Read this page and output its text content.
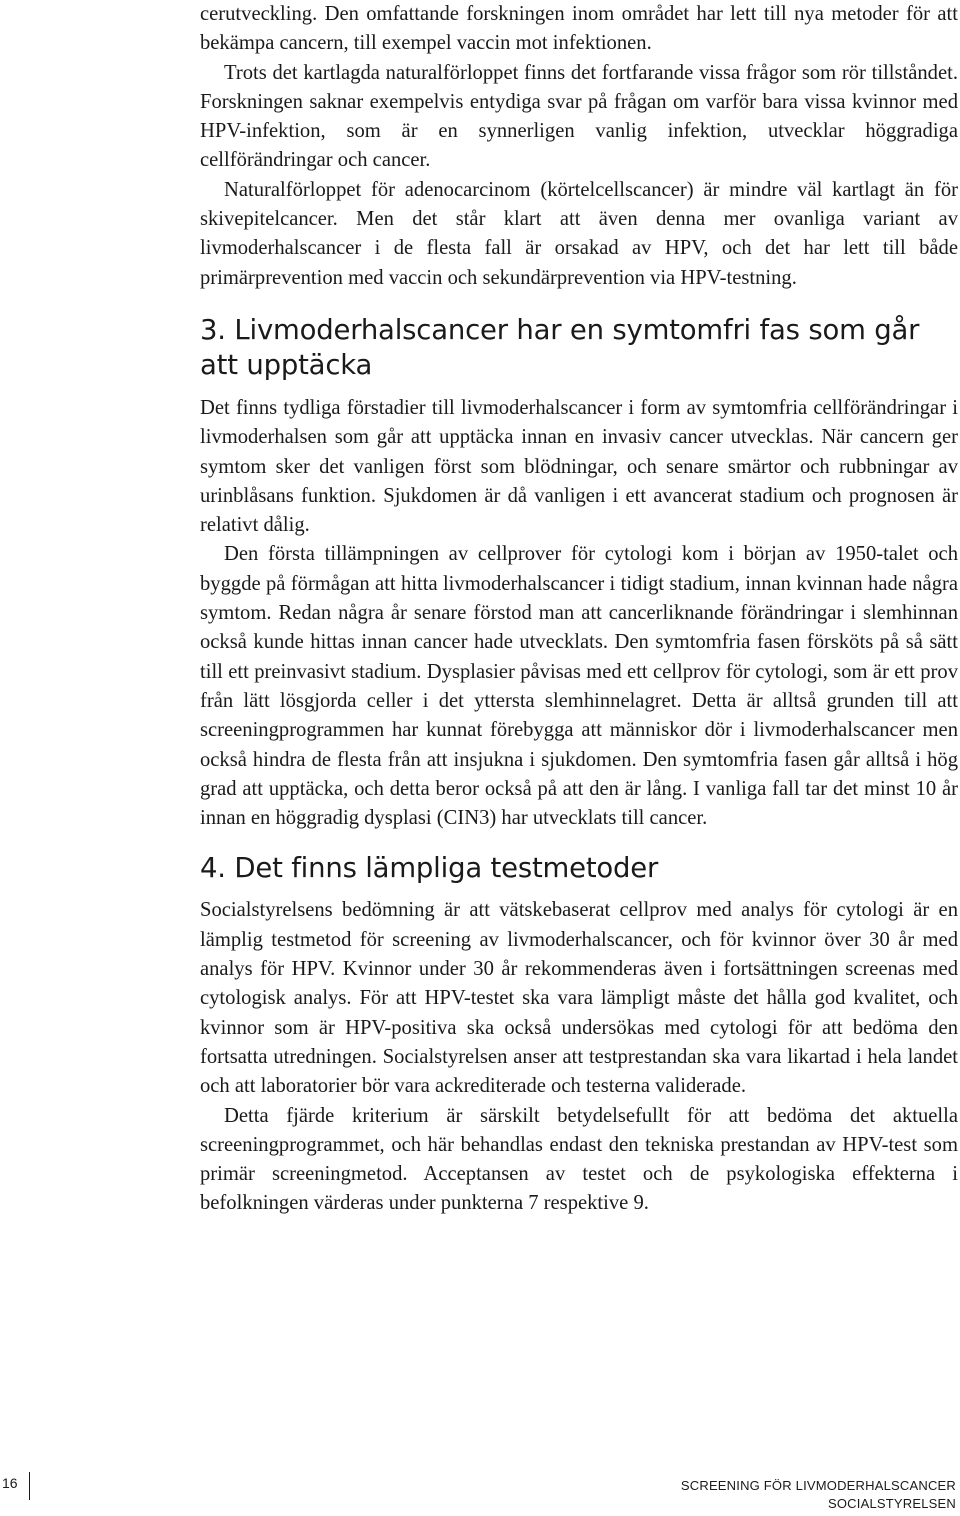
cerutveckling. Den omfattande forskningen inom området har lett till nya metoder för att bekämpa cancern, till exempel vaccin mot infektionen.

Trots det kartlagda naturalförloppet finns det fortfarande vissa frågor som rör tillståndet. Forskningen saknar exempelvis entydiga svar på frågan om varför bara vissa kvinnor med HPV-infektion, som är en synnerligen vanlig infektion, utvecklar höggradiga cellförändringar och cancer.

Naturalförloppet för adenocarcinom (körtelcellscancer) är mindre väl kartlagt än för skivepitelcancer. Men det står klart att även denna mer ovanliga variant av livmoderhalscancer i de flesta fall är orsakad av HPV, och det har lett till både primärprevention med vaccin och sekundärprevention via HPV-testning.

3. Livmoderhalscancer har en symtomfri fas som går att upptäcka

Det finns tydliga förstadier till livmoderhalscancer i form av symtomfria cellförändringar i livmoderhalsen som går att upptäcka innan en invasiv cancer utvecklas. När cancern ger symtom sker det vanligen först som blödningar, och senare smärtor och rubbningar av urinblåsans funktion. Sjukdomen är då vanligen i ett avancerat stadium och prognosen är relativt dålig.

Den första tillämpningen av cellprover för cytologi kom i början av 1950-talet och byggde på förmågan att hitta livmoderhalscancer i tidigt stadium, innan kvinnan hade några symtom. Redan några år senare förstod man att cancerliknande förändringar i slemhinnan också kunde hittas innan cancer hade utvecklats. Den symtomfria fasen försköts på så sätt till ett preinvasivt stadium. Dysplasier påvisas med ett cellprov för cytologi, som är ett prov från lätt lösgjorda celler i det yttersta slemhinnelagret. Detta är alltså grunden till att screeningprogrammen har kunnat förebygga att människor dör i livmoderhalscancer men också hindra de flesta från att insjukna i sjukdomen. Den symtomfria fasen går alltså i hög grad att upptäcka, och detta beror också på att den är lång. I vanliga fall tar det minst 10 år innan en höggradig dysplasi (CIN3) har utvecklats till cancer.

4. Det finns lämpliga testmetoder

Socialstyrelsens bedömning är att vätskebaserat cellprov med analys för cytologi är en lämplig testmetod för screening av livmoderhalscancer, och för kvinnor över 30 år med analys för HPV. Kvinnor under 30 år rekommenderas även i fortsättningen screenas med cytologisk analys. För att HPV-testet ska vara lämpligt måste det hålla god kvalitet, och kvinnor som är HPV-positiva ska också undersökas med cytologi för att bedöma den fortsatta utredningen. Socialstyrelsen anser att testprestandan ska vara likartad i hela landet och att laboratorier bör vara ackrediterade och testerna validerade.

Detta fjärde kriterium är särskilt betydelsefullt för att bedöma det aktuella screeningprogrammet, och här behandlas endast den tekniska prestandan av HPV-test som primär screeningmetod. Acceptansen av testet och de psykologiska effekterna i befolkningen värderas under punkterna 7 respektive 9.

16	SCREENING FÖR LIVMODERHALSCANCER
SOCIALSTYRELSEN
